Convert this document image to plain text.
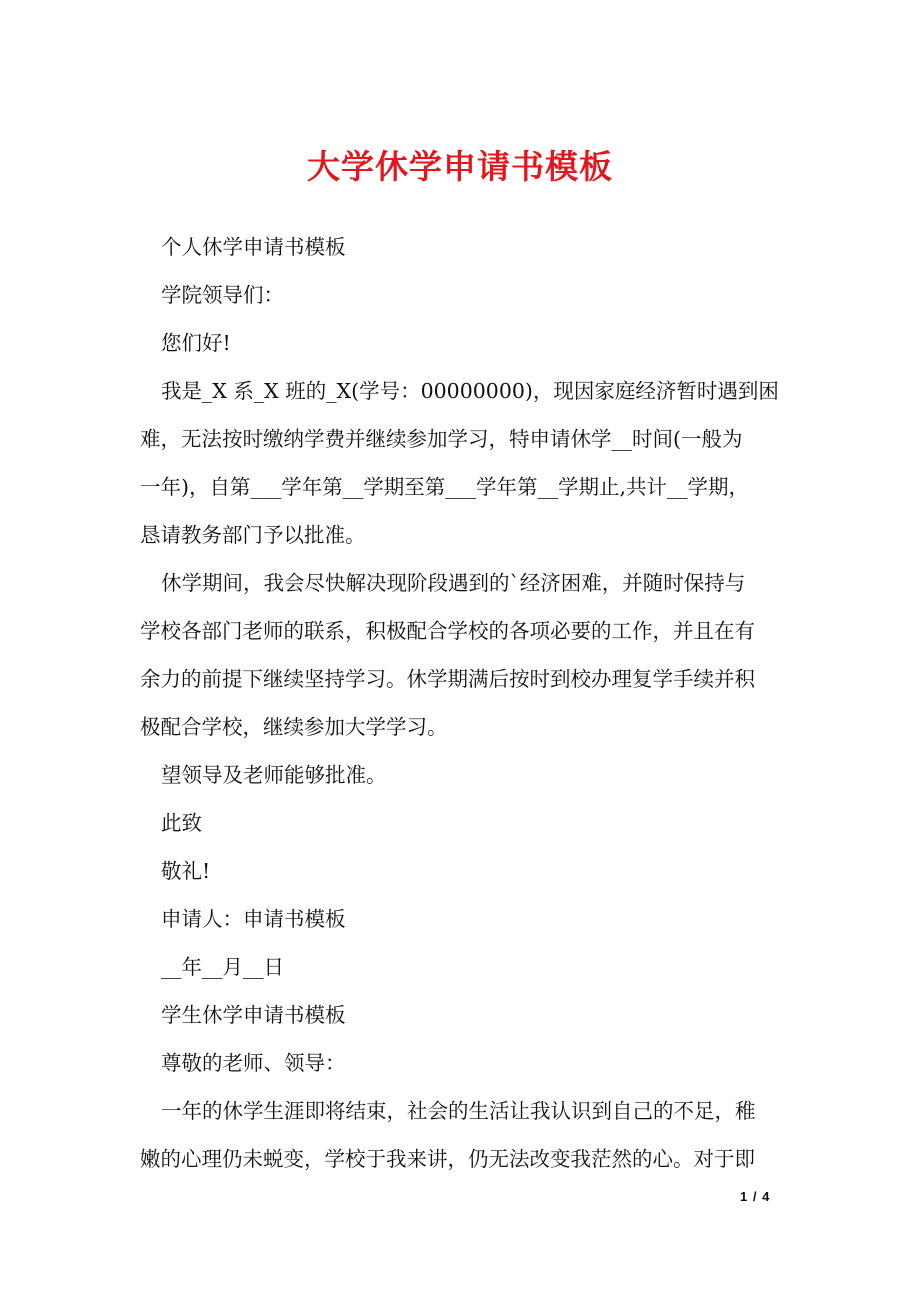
大学休学申请书模板

个人休学申请书模板

学院领导们：

您们好!

我是_X 系_X 班的_X(学号：00000000)，现因家庭经济暂时遇到困
难，无法按时缴纳学费并继续参加学习，特申请休学__时间(一般为
一年)，自第___学年第__学期至第___学年第__学期止,共计__学期，
恳请教务部门予以批准。

休学期间，我会尽快解决现阶段遇到的`经济困难，并随时保持与
学校各部门老师的联系，积极配合学校的各项必要的工作，并且在有
余力的前提下继续坚持学习。休学期满后按时到校办理复学手续并积
极配合学校，继续参加大学学习。

望领导及老师能够批准。

此致

敬礼!

申请人：申请书模板

__年__月__日

学生休学申请书模板

尊敬的老师、领导：

一年的休学生涯即将结束，社会的生活让我认识到自己的不足，稚
嫩的心理仍未蜕变，学校于我来讲，仍无法改变我茫然的心。对于即

1 / 4
